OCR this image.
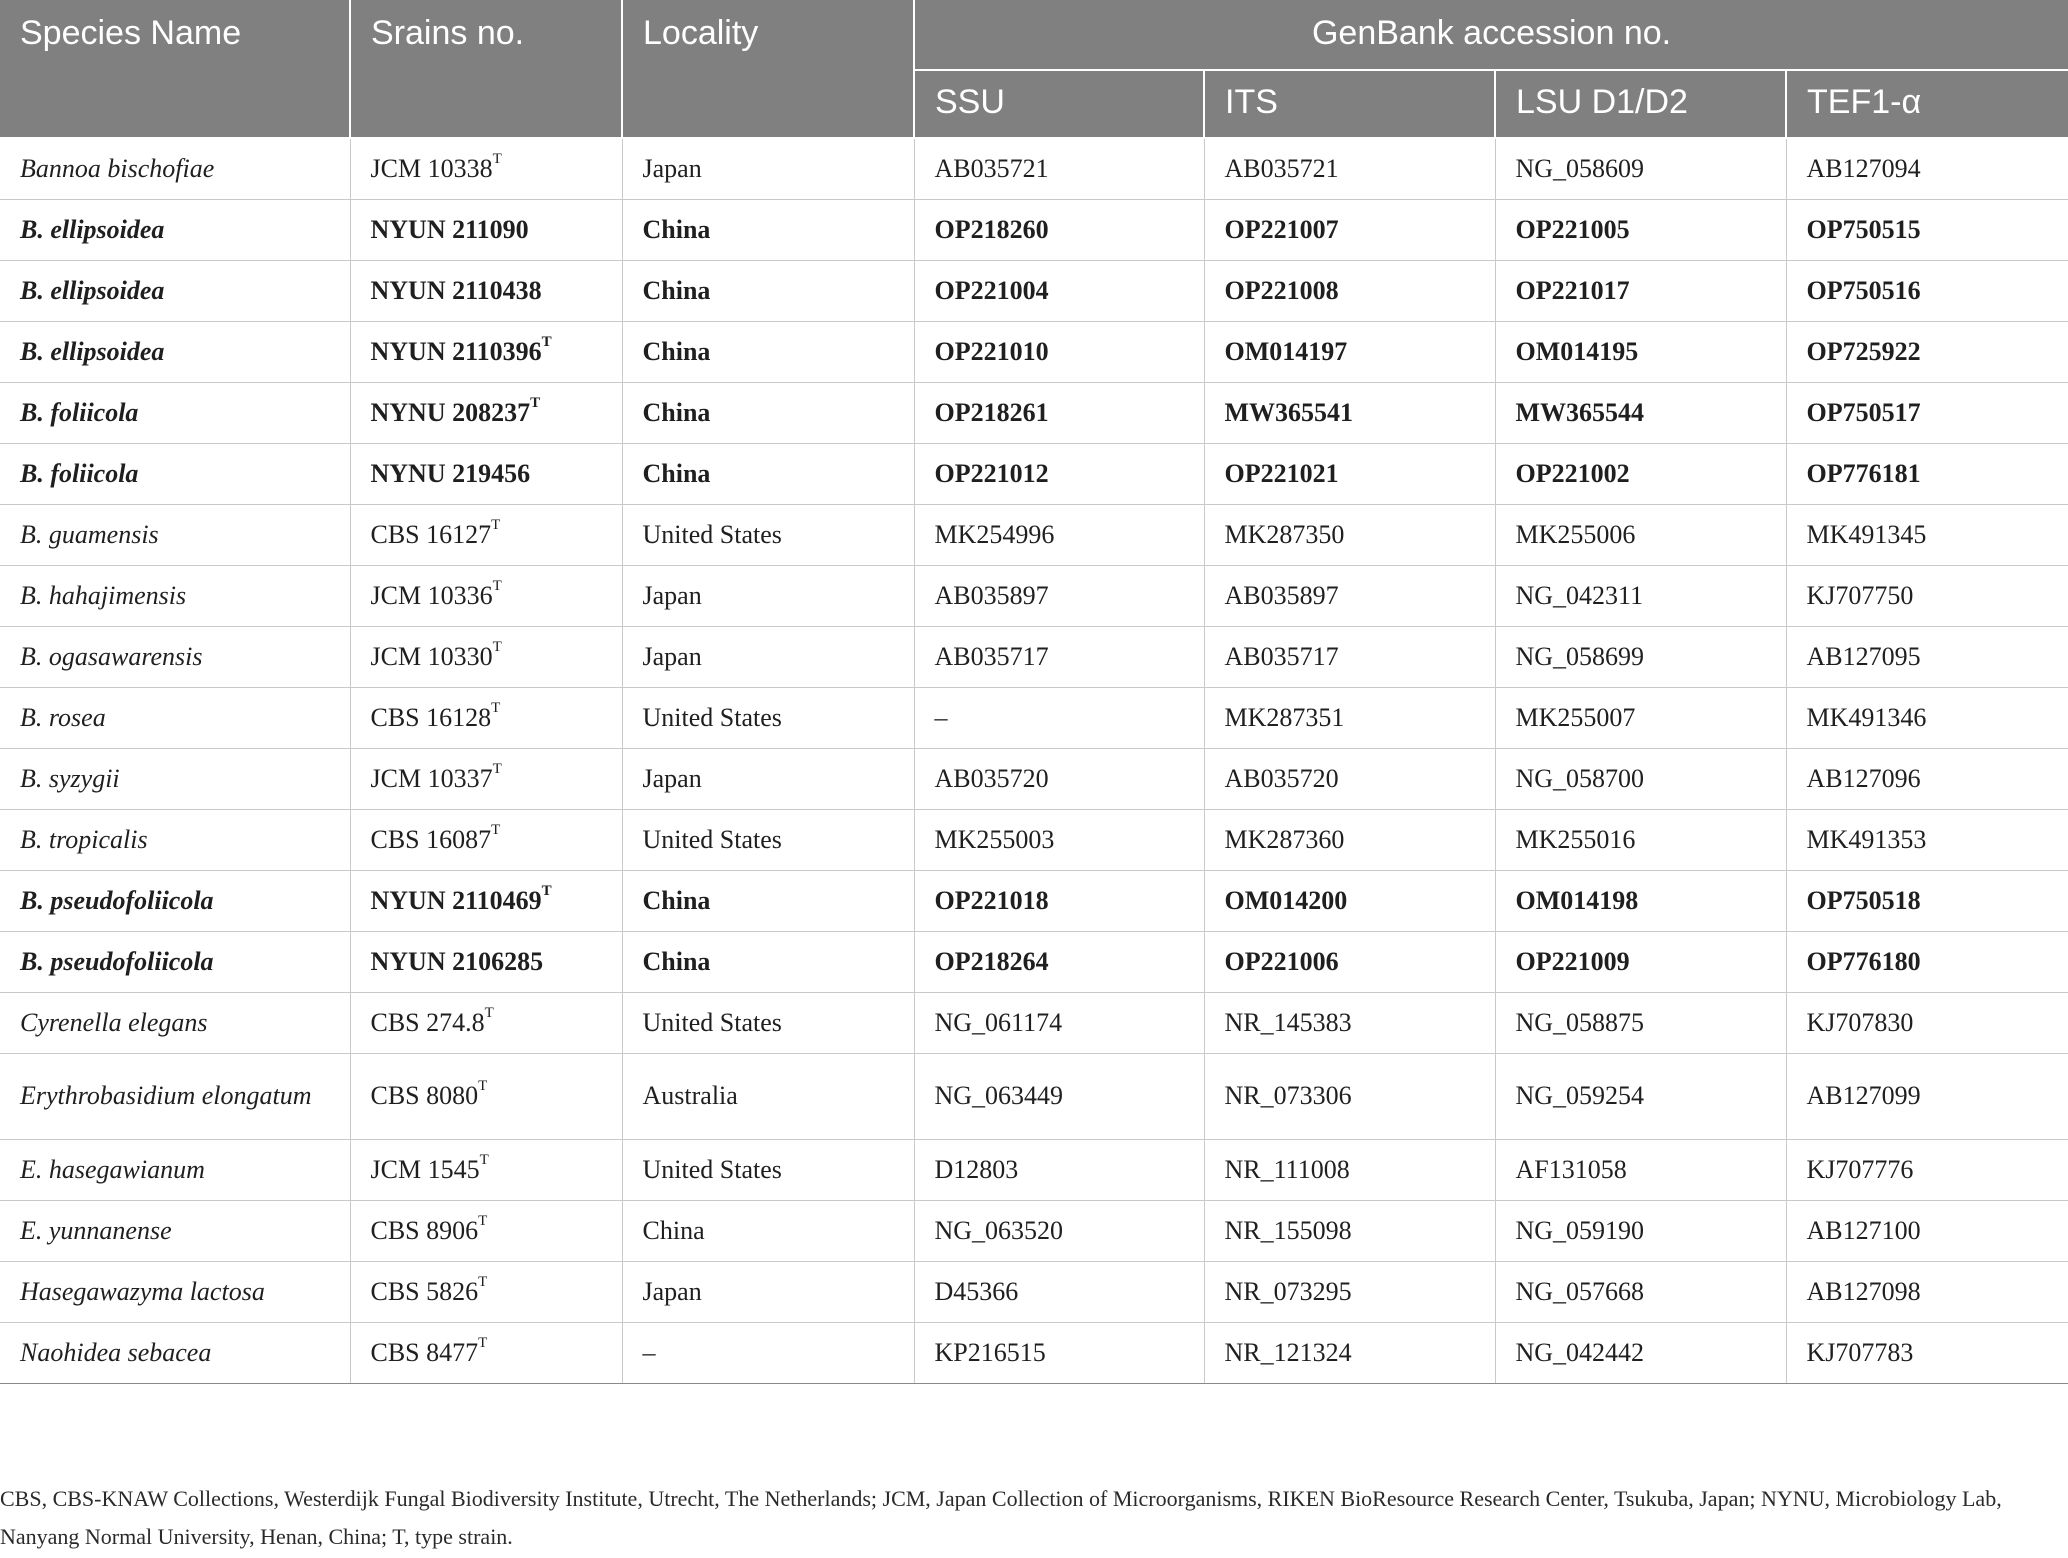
Species Name	Srains no.	Locality	GenBank accession no.			
			SSU	ITS	LSU D1/D2	TEF1-α
Bannoa bischofiae	JCM $10338^T$	Japan	AB035721	AB035721	NG_058609	AB127094
B. ellipsoidea	NYUN 211090	China	OP218260	OP221007	OP221005	OP750515
B. ellipsoidea	NYUN 2110438	China	OP221004	OP221008	OP221017	OP750516
B. ellipsoidea	NYUN $2110396^T$	China	OP221010	OM014197	OM014195	OP725922
B. foliicola	NYNU $208237^T$	China	OP218261	MW365541	MW365544	OP750517
B. foliicola	NYNU 219456	China	OP221012	OP221021	OP221002	OP776181
B. guamensis	CBS $16127^T$	United States	MK254996	MK287350	MK255006	MK491345
B. hahajimensis	JCM $10336^T$	Japan	AB035897	AB035897	NG_042311	KJ707750
B. ogasawarensis	JCM $10330^T$	Japan	AB035717	AB035717	NG_058699	AB127095
B. rosea	CBS $16128^T$	United States	–	MK287351	MK255007	MK491346
B. syzygii	JCM $10337^T$	Japan	AB035720	AB035720	NG_058700	AB127096
B. tropicalis	CBS $16087^T$	United States	MK255003	MK287360	MK255016	MK491353
B. pseudofoliicola	NYUN $2110469^T$	China	OP221018	OM014200	OM014198	OP750518
B. pseudofoliicola	NYUN 2106285	China	OP218264	OP221006	OP221009	OP776180
Cyrenella elegans	CBS $274.8^T$	United States	NG_061174	NR_145383	NG_058875	KJ707830
Erythrobasidium elongatum	CBS $8080^T$	Australia	NG_063449	NR_073306	NG_059254	AB127099
E. hasegawianum	JCM $1545^T$	United States	D12803	NR_111008	AF131058	KJ707776
E. yunnanense	CBS $8906^T$	China	NG_063520	NR_155098	NG_059190	AB127100
Hasegawazyma lactosa	CBS $5826^T$	Japan	D45366	NR_073295	NG_057668	AB127098
Naohidea sebacea	CBS $8477^T$	–	KP216515	NR_121324	NG_042442	KJ707783
CBS, CBS-KNAW Collections, Westerdijk Fungal Biodiversity Institute, Utrecht, The Netherlands; JCM, Japan Collection of Microorganisms, RIKEN BioResource Research Center, Tsukuba, Japan; NYNU, Microbiology Lab, Nanyang Normal University, Henan, China; T, type strain.
